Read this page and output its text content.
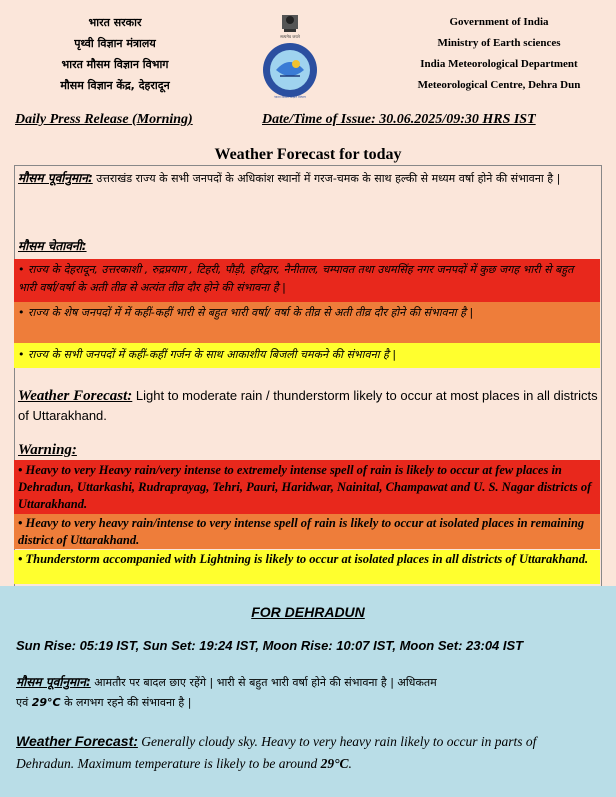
भारत सरकार
पृथ्वी विज्ञान मंत्रालय
भारत मौसम विज्ञान विभाग
मौसम विज्ञान केंद्र, देहरादून
सत्यमेव जयते
भारत मौसम विज्ञान विभाग
Government of India
Ministry of Earth sciences
India Meteorological Department
Meteorological Centre, Dehra Dun
Daily Press Release (Morning)	Date/Time of Issue: 30.06.2025/09:30 HRS IST
Weather Forecast for today
मौसम पूर्वानुमान: उत्तराखंड राज्य के सभी जनपदों के अधिकांश स्थानों में गरज-चमक के साथ हल्की से मध्यम वर्षा होने की संभावना है |
मौसम चेतावनी:
• राज्य के देहरादून, उत्तरकाशी , रुद्रप्रयाग , टिहरी, पौड़ी, हरिद्वार, नैनीताल, चम्पावत तथा उधमसिंह नगर जनपदों में कुछ जगह भारी से बहुत भारी वर्षा/वर्षा के अती तीव्र से अत्यंत तीव्र दौर होने की संभावना है |
• राज्य के शेष जनपदों में में कहीं-कहीं भारी से बहुत भारी वर्षा/ वर्षा के तीव्र से अती तीव्र दौर होने की संभावना है |
• राज्य के सभी जनपदों में कहीं-कहीं गर्जन के साथ आकाशीय बिजली चमकने की संभावना है |
Weather Forecast: Light to moderate rain / thunderstorm likely to occur at most places in all districts of Uttarakhand.
Warning:
• Heavy to very Heavy rain/very intense to extremely intense spell of rain is likely to occur at few places in Dehradun, Uttarkashi, Rudraprayag, Tehri, Pauri, Haridwar, Nainital, Champawat and U. S. Nagar districts of Uttarakhand.
• Heavy to very heavy rain/intense to very intense spell of rain is likely to occur at isolated places in remaining district of Uttarakhand.
• Thunderstorm accompanied with Lightning is likely to occur at isolated places in all districts of Uttarakhand.
FOR DEHRADUN
Sun Rise: 05:19 IST, Sun Set: 19:24 IST, Moon Rise: 10:07 IST, Moon Set: 23:04 IST
मौसम पूर्वानुमान: आमतौर पर बादल छाए रहेंगे | भारी से बहुत भारी वर्षा होने की संभावना है | अधिकतम
एवं 29°C के लगभग रहने की संभावना है |
Weather Forecast: Generally cloudy sky. Heavy to very heavy rain likely to occur in parts of
Dehradun. Maximum temperature is likely to be around 29°C.
